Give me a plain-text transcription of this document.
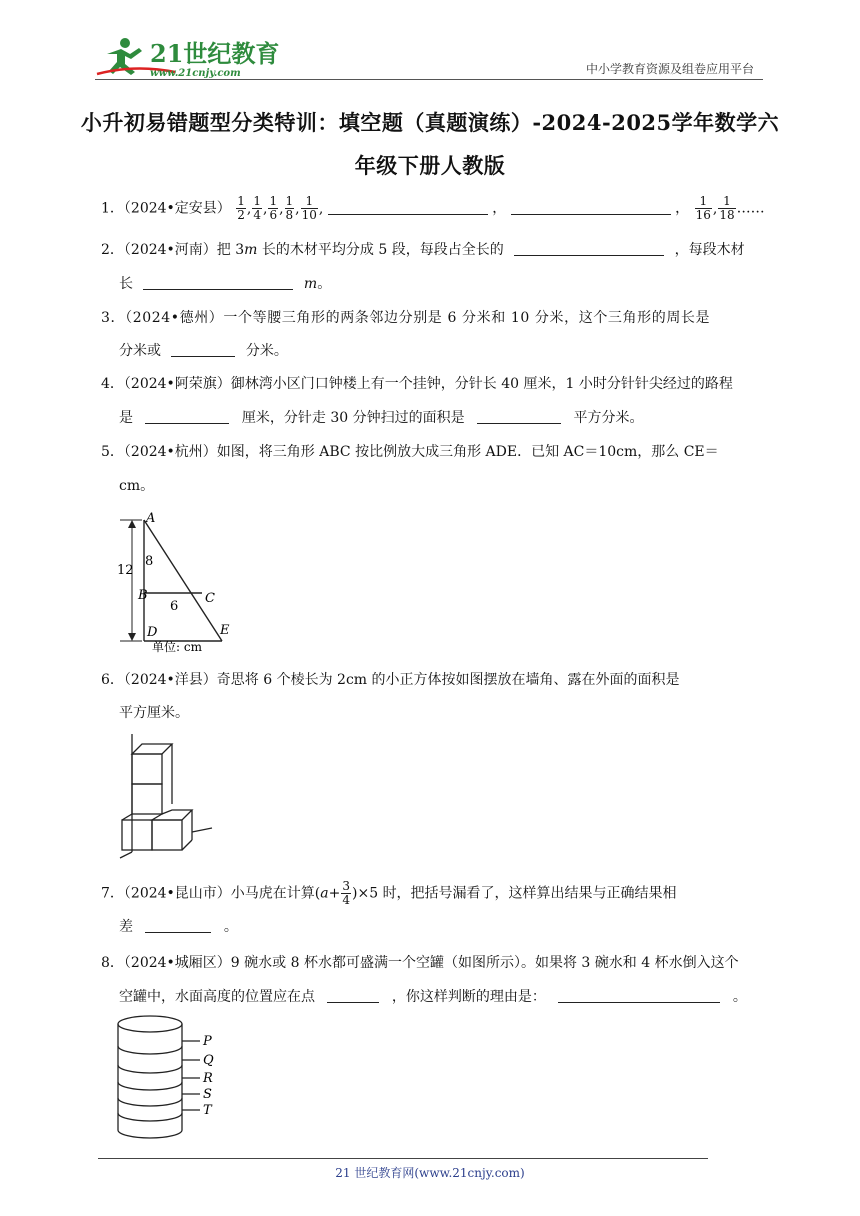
21世纪教育
www.21cnjy.com	中小学教育资源及组卷应用平台
小升初易错题型分类特训：填空题（真题演练）-2024-2025学年数学六
年级下册人教版
1．（2024•定安县） $\frac{1}{2}$ , $\frac{1}{4}$ , $\frac{1}{6}$ , $\frac{1}{8}$ , $\frac{1}{10}$ ,	，	， $\frac{1}{16}$ , $\frac{1}{18}$ ……
2．（2024•河南）把 3m 长的木材平均分成 5 段，每段占全长的	，每段木材
长	m。
3．（2024•德州）一个等腰三角形的两条邻边分别是 6 分米和 10 分米，这个三角形的周长是
分米或	分米。
4．（2024•阿荣旗）御林湾小区门口钟楼上有一个挂钟，分针长 40 厘米，1 小时分针针尖经过的路程
是	厘米，分针走 30 分钟扫过的面积是	平方分米。
5．（2024•杭州）如图，将三角形 ABC 按比例放大成三角形 ADE．已知 AC＝10cm，那么 CE＝
cm。
A
B	C
D	E
8
6
12
单位: cm
6．（2024•洋县）奇思将 6 个棱长为 2cm 的小正方体按如图摆放在墙角、露在外面的面积是
平方厘米。
7．（2024•昆山市）小马虎在计算$(a+ \frac{3}{4} )\times 5$ 时，把括号漏看了，这样算出结果与正确结果相
差	。
8．（2024•城厢区）9 碗水或 8 杯水都可盛满一个空罐（如图所示）。如果将 3 碗水和 4 杯水倒入这个
空罐中，水面高度的位置应在点	，你这样判断的理由是：	。
P
Q
R
S
T
21 世纪教育网(www.21cnjy.com)
